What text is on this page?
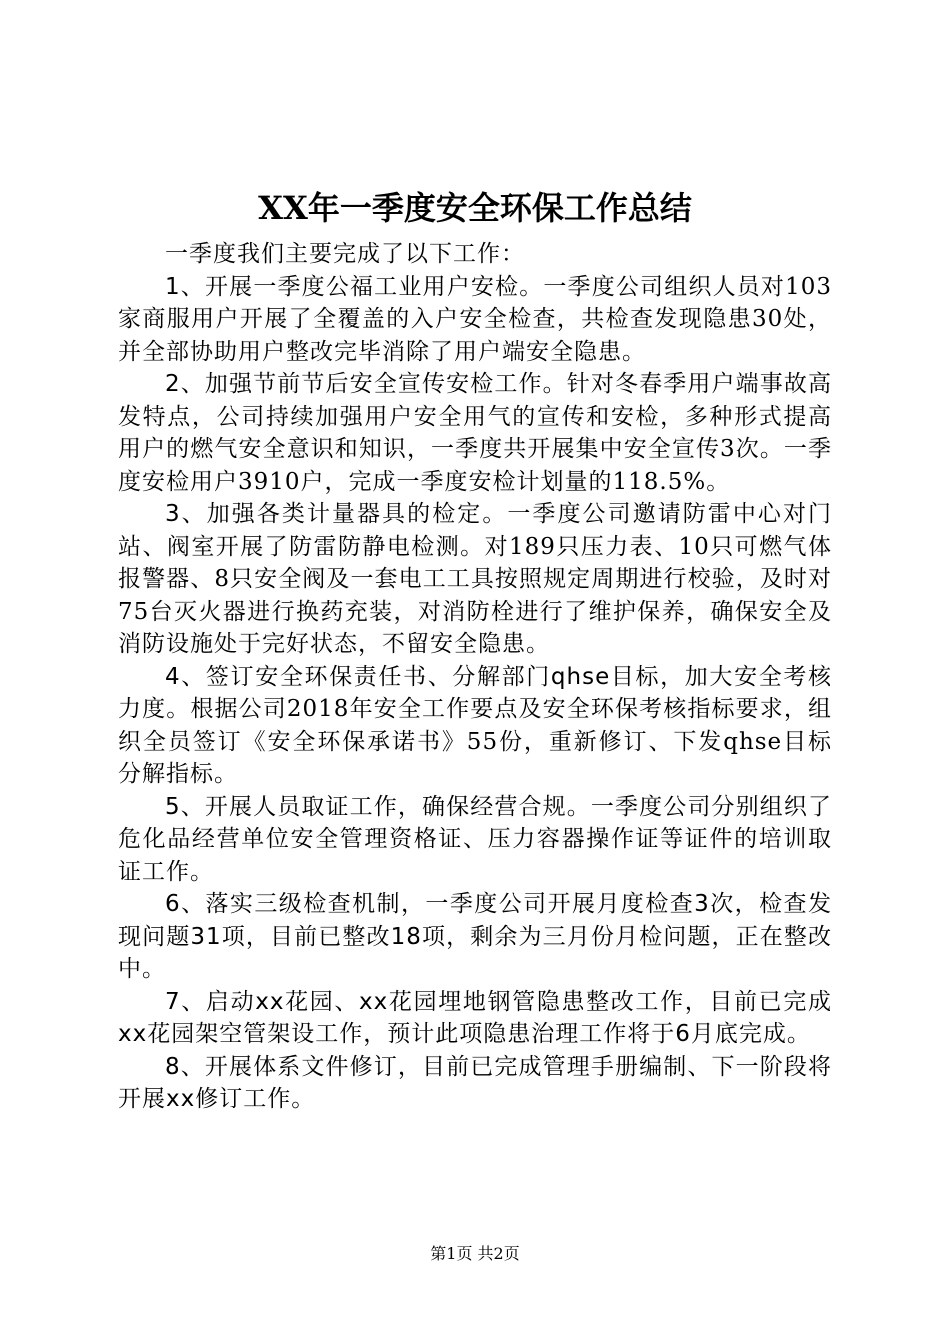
XX年一季度安全环保工作总结

一季度我们主要完成了以下工作：

1、开展一季度公福工业用户安检。一季度公司组织人员对103家商服用户开展了全覆盖的入户安全检查，共检查发现隐患30处，并全部协助用户整改完毕消除了用户端安全隐患。

2、加强节前节后安全宣传安检工作。针对冬春季用户端事故高发特点，公司持续加强用户安全用气的宣传和安检，多种形式提高用户的燃气安全意识和知识，一季度共开展集中安全宣传3次。一季度安检用户3910户，完成一季度安检计划量的118.5%。

3、加强各类计量器具的检定。一季度公司邀请防雷中心对门站、阀室开展了防雷防静电检测。对189只压力表、10只可燃气体报警器、8只安全阀及一套电工工具按照规定周期进行校验，及时对75台灭火器进行换药充装，对消防栓进行了维护保养，确保安全及消防设施处于完好状态，不留安全隐患。

4、签订安全环保责任书、分解部门qhse目标，加大安全考核力度。根据公司2018年安全工作要点及安全环保考核指标要求，组织全员签订《安全环保承诺书》55份，重新修订、下发qhse目标分解指标。

5、开展人员取证工作，确保经营合规。一季度公司分别组织了危化品经营单位安全管理资格证、压力容器操作证等证件的培训取证工作。

6、落实三级检查机制，一季度公司开展月度检查3次，检查发现问题31项，目前已整改18项，剩余为三月份月检问题，正在整改中。

7、启动xx花园、xx花园埋地钢管隐患整改工作，目前已完成xx花园架空管架设工作，预计此项隐患治理工作将于6月底完成。

8、开展体系文件修订，目前已完成管理手册编制、下一阶段将开展xx修订工作。

第1页 共2页
